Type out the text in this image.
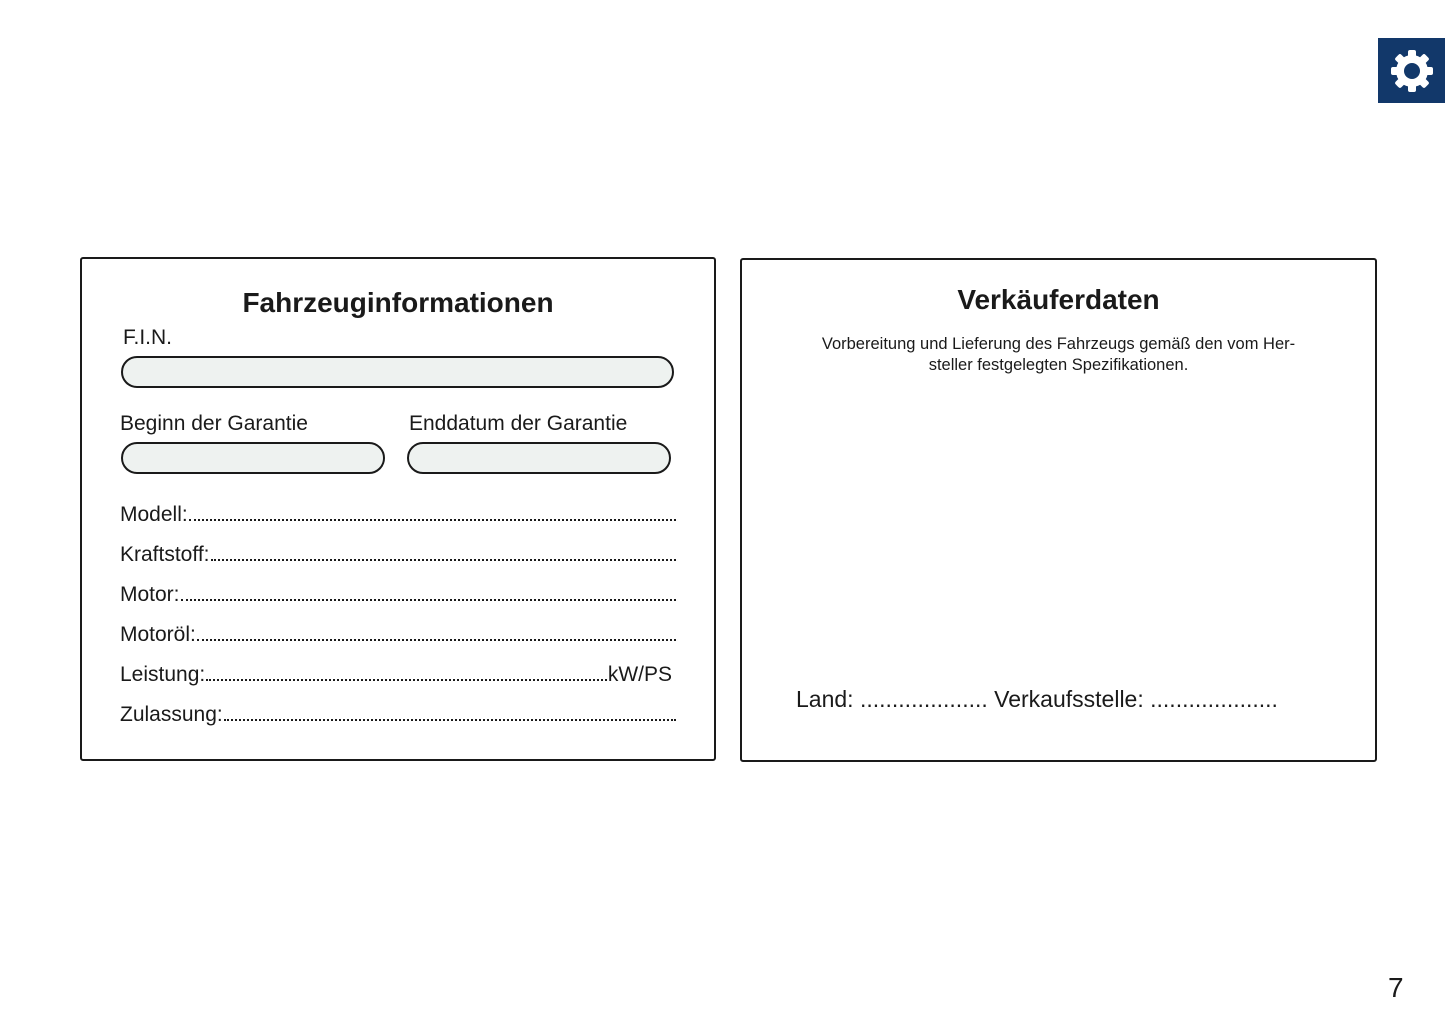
Fahrzeuginformationen
F.I.N.
Beginn der Garantie	Enddatum der Garantie
Modell:
Kraftstoff:
Motor:
Motoröl:
Leistung:	kW/PS
Zulassung:
Verkäuferdaten
Vorbereitung und Lieferung des Fahrzeugs gemäß den vom Her-
steller festgelegten Spezifikationen.
Land: .................... Verkaufsstelle: ....................
7
